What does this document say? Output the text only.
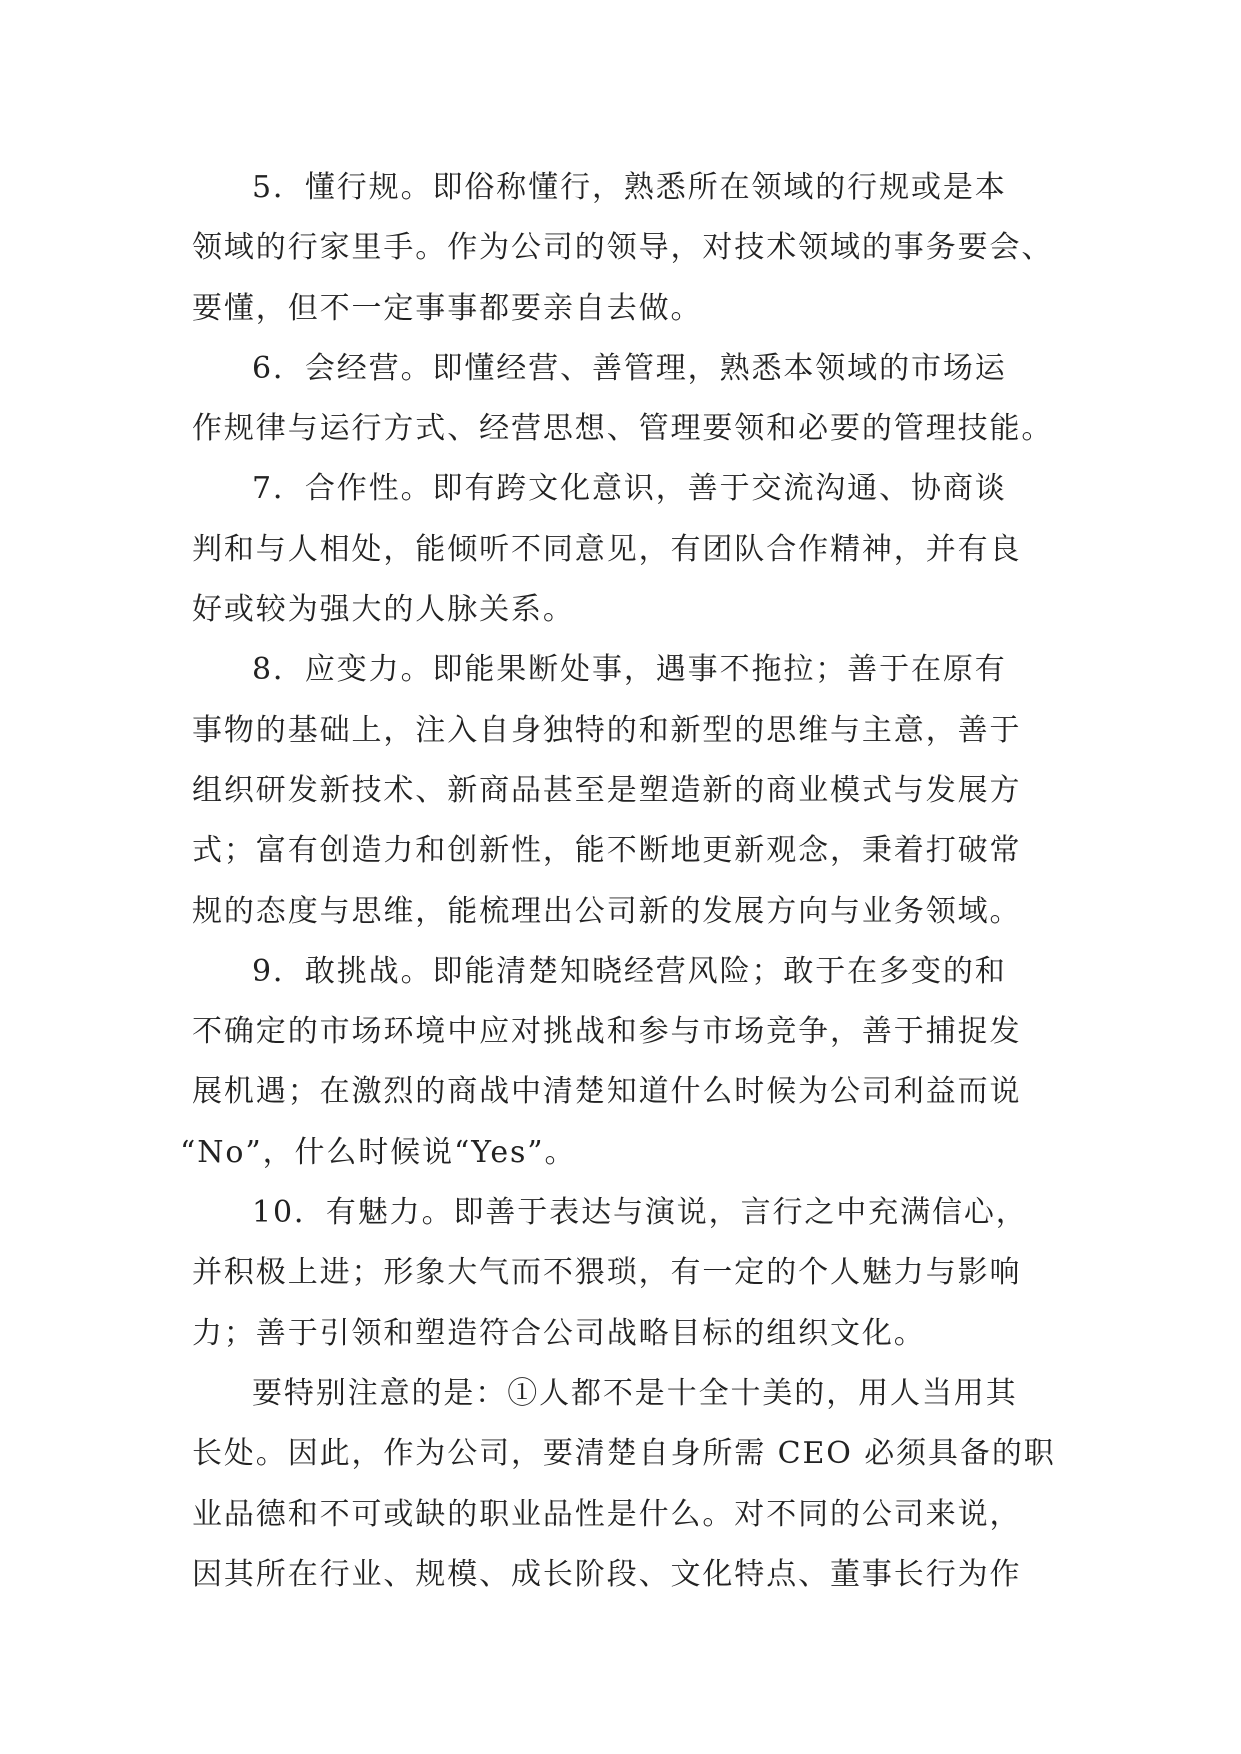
5．懂行规。即俗称懂行，熟悉所在领域的行规或是本
领域的行家里手。作为公司的领导，对技术领域的事务要会、
要懂，但不一定事事都要亲自去做。

6．会经营。即懂经营、善管理，熟悉本领域的市场运
作规律与运行方式、经营思想、管理要领和必要的管理技能。

7．合作性。即有跨文化意识，善于交流沟通、协商谈
判和与人相处，能倾听不同意见，有团队合作精神，并有良
好或较为强大的人脉关系。

8．应变力。即能果断处事，遇事不拖拉；善于在原有
事物的基础上，注入自身独特的和新型的思维与主意，善于
组织研发新技术、新商品甚至是塑造新的商业模式与发展方
式；富有创造力和创新性，能不断地更新观念，秉着打破常
规的态度与思维，能梳理出公司新的发展方向与业务领域。

9．敢挑战。即能清楚知晓经营风险；敢于在多变的和
不确定的市场环境中应对挑战和参与市场竞争，善于捕捉发
展机遇；在激烈的商战中清楚知道什么时候为公司利益而说
“No”，什么时候说“Yes”。

10．有魅力。即善于表达与演说，言行之中充满信心，
并积极上进；形象大气而不猥琐，有一定的个人魅力与影响
力；善于引领和塑造符合公司战略目标的组织文化。

要特别注意的是：①人都不是十全十美的，用人当用其
长处。因此，作为公司，要清楚自身所需 CEO 必须具备的职
业品德和不可或缺的职业品性是什么。对不同的公司来说，
因其所在行业、规模、成长阶段、文化特点、董事长行为作
